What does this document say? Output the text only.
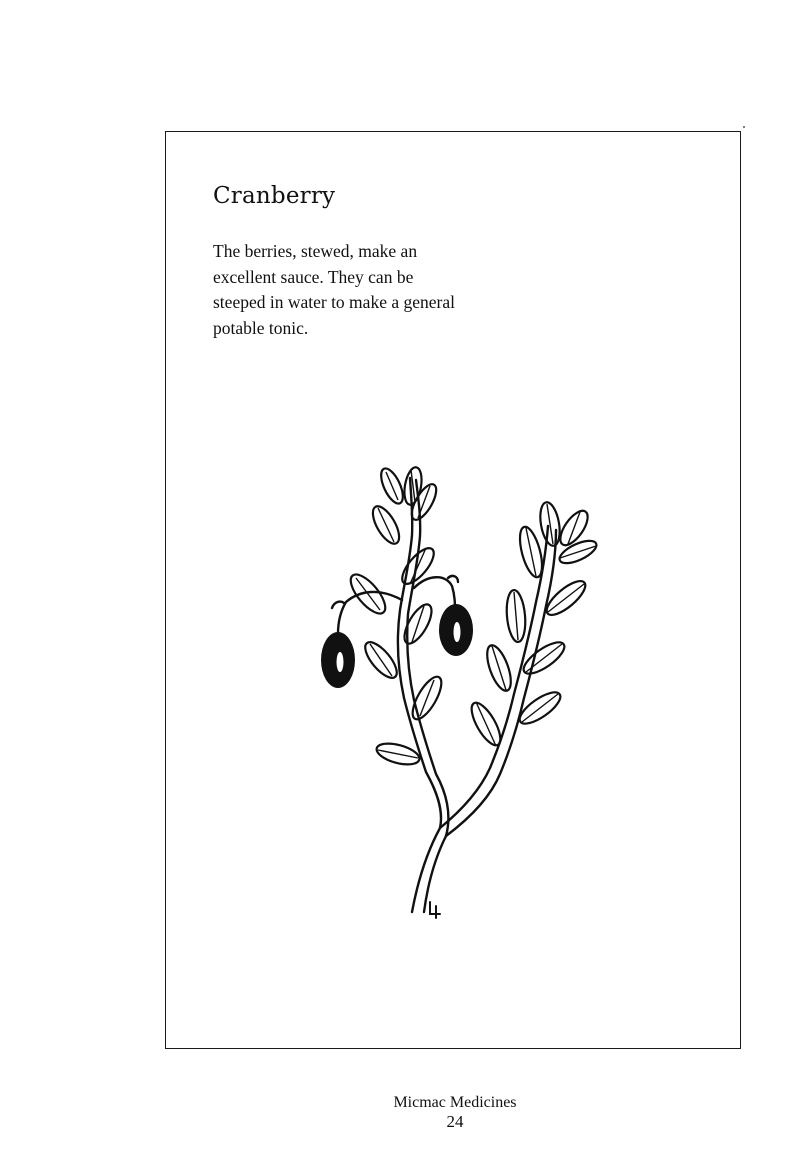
Cranberry

The berries, stewed, make an
excellent sauce. They can be
steeped in water to make a general
potable tonic.

Micmac Medicines
24
